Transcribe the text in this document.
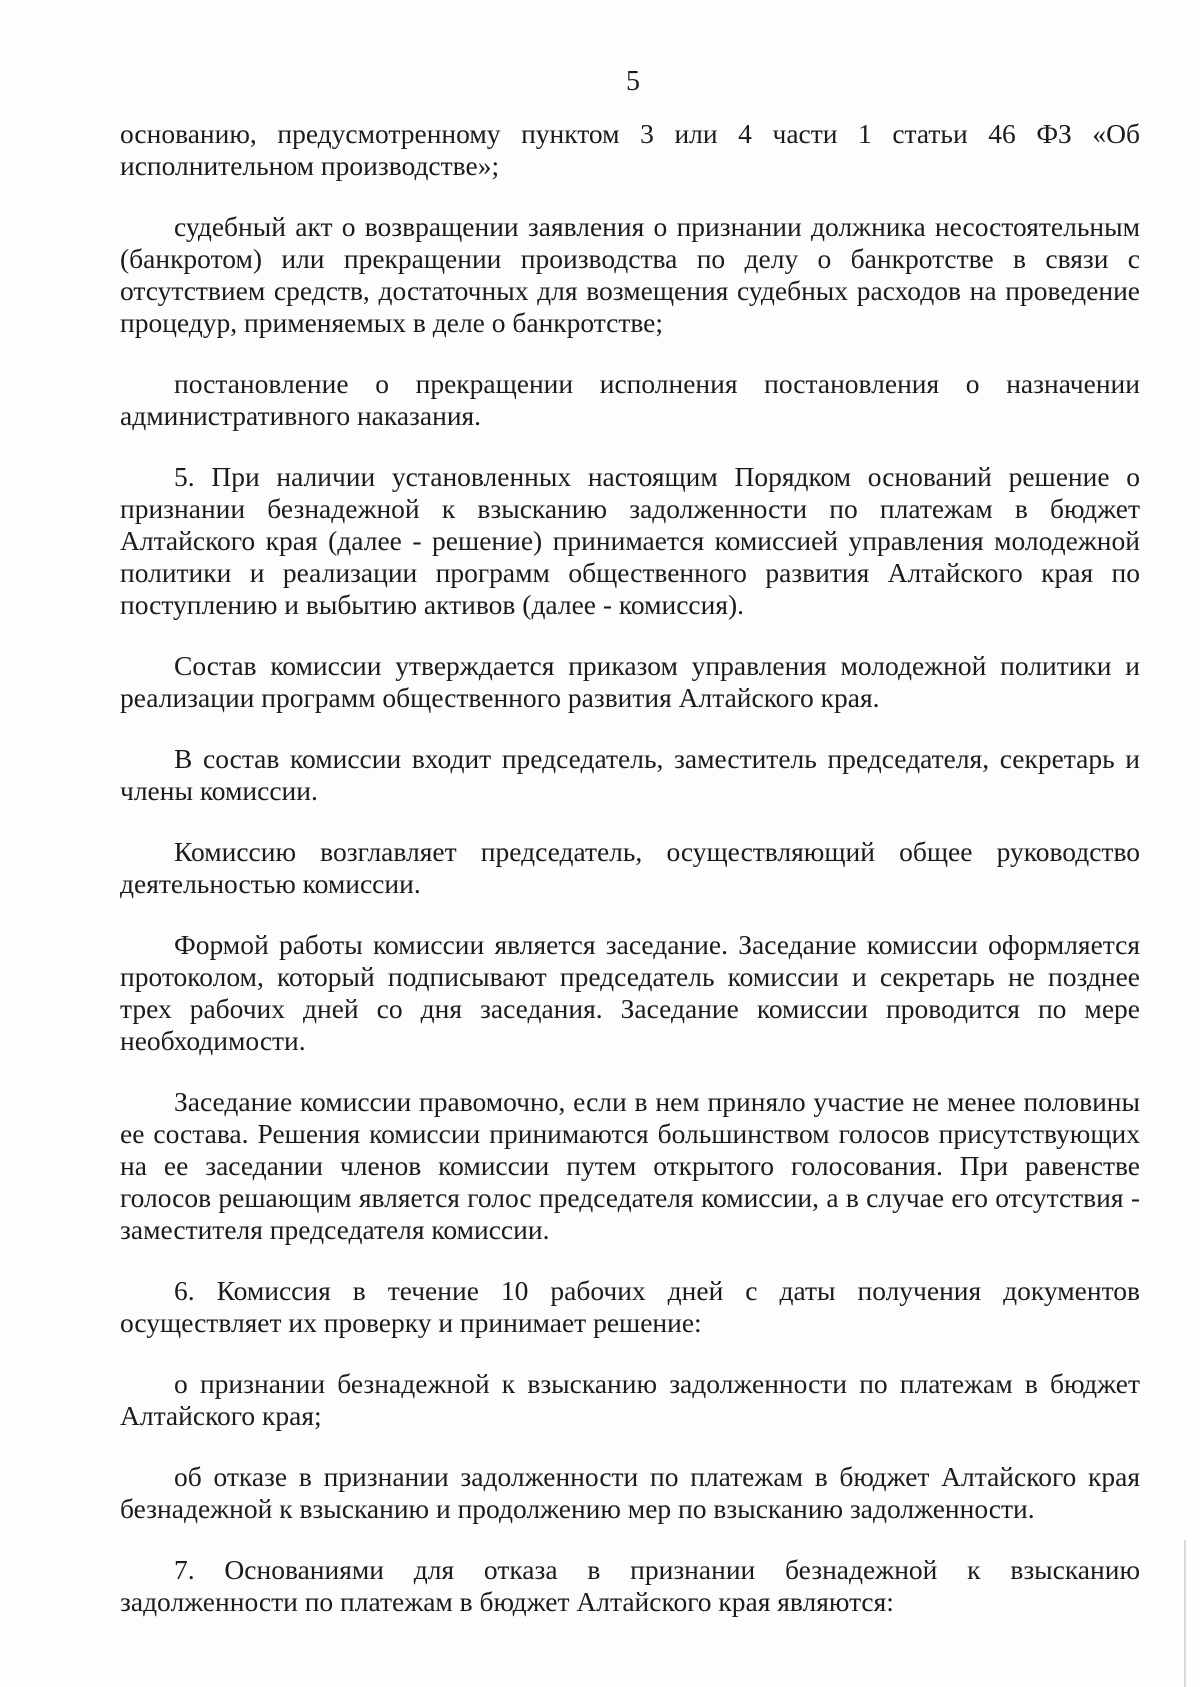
5

основанию, предусмотренному пунктом 3 или 4 части 1 статьи 46 ФЗ «Об исполнительном производстве»;

судебный акт о возвращении заявления о признании должника несостоятельным (банкротом) или прекращении производства по делу о банкротстве в связи с отсутствием средств, достаточных для возмещения судебных расходов на проведение процедур, применяемых в деле о банкротстве;

постановление о прекращении исполнения постановления о назначении административного наказания.

5. При наличии установленных настоящим Порядком оснований решение о признании безнадежной к взысканию задолженности по платежам в бюджет Алтайского края (далее - решение) принимается комиссией управления молодежной политики и реализации программ общественного развития Алтайского края по поступлению и выбытию активов (далее - комиссия).

Состав комиссии утверждается приказом управления молодежной политики и реализации программ общественного развития Алтайского края.

В состав комиссии входит председатель, заместитель председателя, секретарь и члены комиссии.

Комиссию возглавляет председатель, осуществляющий общее руководство деятельностью комиссии.

Формой работы комиссии является заседание. Заседание комиссии оформляется протоколом, который подписывают председатель комиссии и секретарь не позднее трех рабочих дней со дня заседания. Заседание комиссии проводится по мере необходимости.

Заседание комиссии правомочно, если в нем приняло участие не менее половины ее состава. Решения комиссии принимаются большинством голосов присутствующих на ее заседании членов комиссии путем открытого голосования. При равенстве голосов решающим является голос председателя комиссии, а в случае его отсутствия - заместителя председателя комиссии.

6. Комиссия в течение 10 рабочих дней с даты получения документов осуществляет их проверку и принимает решение:

о признании безнадежной к взысканию задолженности по платежам в бюджет Алтайского края;

об отказе в признании задолженности по платежам в бюджет Алтайского края безнадежной к взысканию и продолжению мер по взысканию задолженности.

7. Основаниями для отказа в признании безнадежной к взысканию задолженности по платежам в бюджет Алтайского края являются:
